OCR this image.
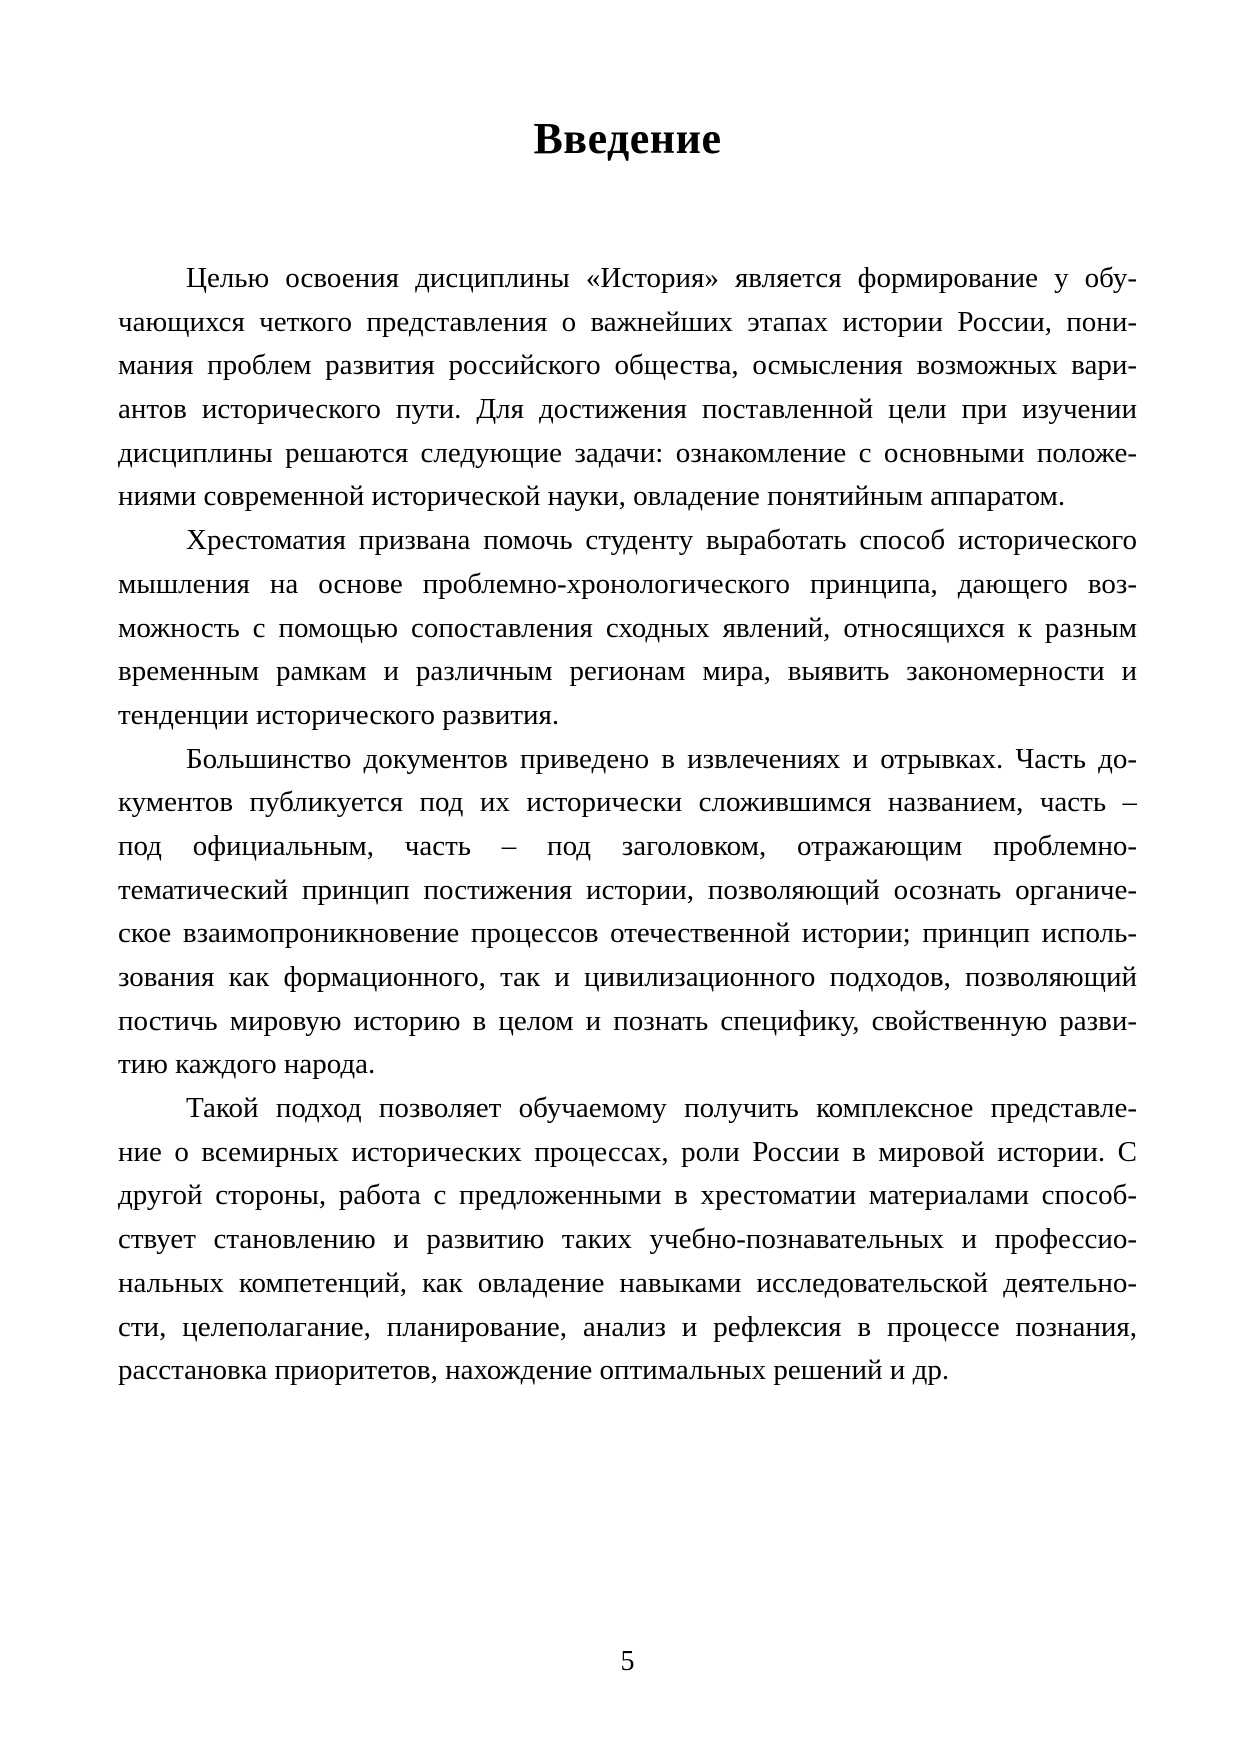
Введение
Целью освоения дисциплины «История» является формирование у обу-
чающихся четкого представления о важнейших этапах истории России, пони-
мания проблем развития российского общества, осмысления возможных вари-
антов исторического пути. Для достижения поставленной цели при изучении
дисциплины решаются следующие задачи: ознакомление с основными положе-
ниями современной исторической науки, овладение понятийным аппаратом.
Хрестоматия призвана помочь студенту выработать способ исторического
мышления на основе проблемно-хронологического принципа, дающего воз-
можность с помощью сопоставления сходных явлений, относящихся к разным
временным рамкам и различным регионам мира, выявить закономерности и
тенденции исторического развития.
Большинство документов приведено в извлечениях и отрывках. Часть до-
кументов публикуется под их исторически сложившимся названием, часть –
под официальным, часть – под заголовком, отражающим проблемно-
тематический принцип постижения истории, позволяющий осознать органиче-
ское взаимопроникновение процессов отечественной истории; принцип исполь-
зования как формационного, так и цивилизационного подходов, позволяющий
постичь мировую историю в целом и познать специфику, свойственную разви-
тию каждого народа.
Такой подход позволяет обучаемому получить комплексное представле-
ние о всемирных исторических процессах, роли России в мировой истории. С
другой стороны, работа с предложенными в хрестоматии материалами способ-
ствует становлению и развитию таких учебно-познавательных и профессио-
нальных компетенций, как овладение навыками исследовательской деятельно-
сти, целеполагание, планирование, анализ и рефлексия в процессе познания,
расстановка приоритетов, нахождение оптимальных решений и др.
5
